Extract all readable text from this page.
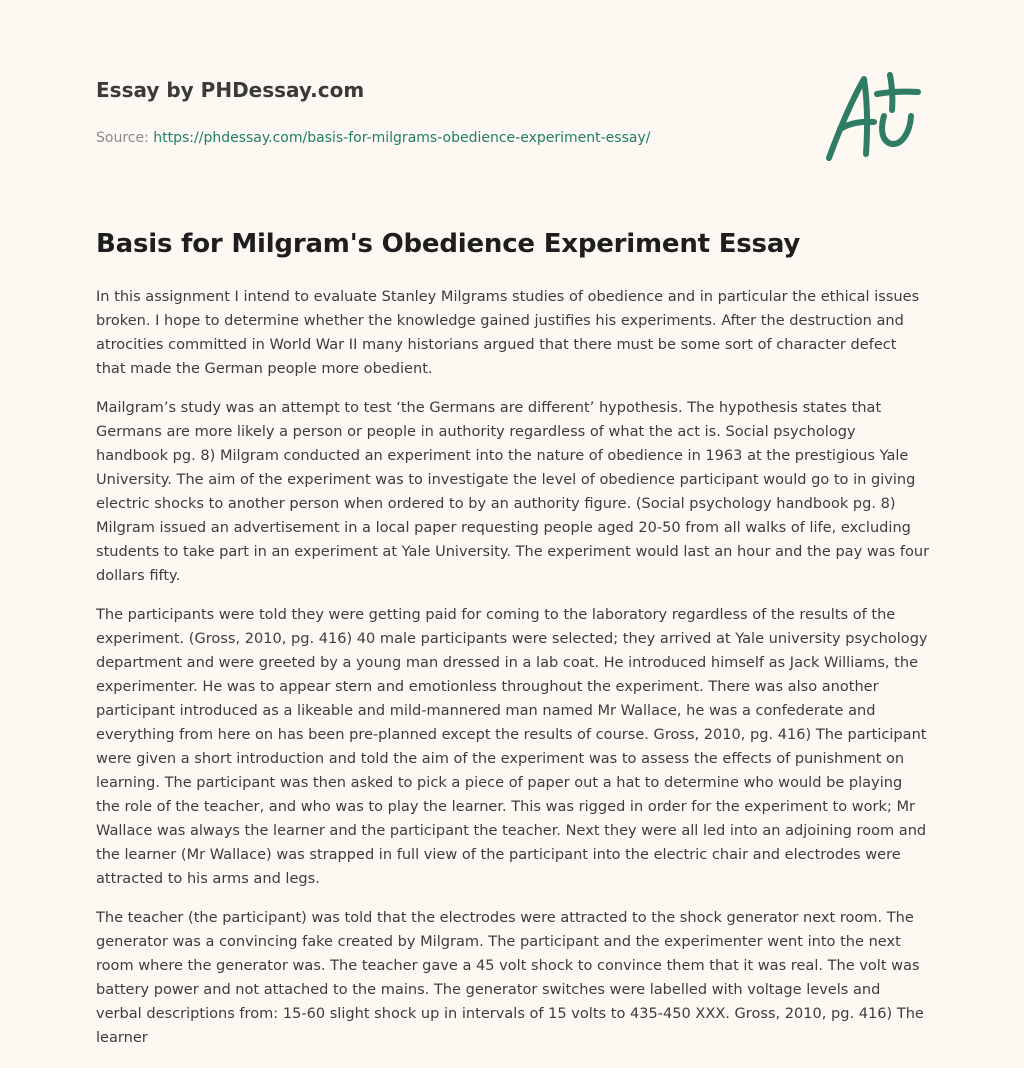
Essay by PHDessay.com
Source: https://phdessay.com/basis-for-milgrams-obedience-experiment-essay/
Basis for Milgram's Obedience Experiment Essay

In this assignment I intend to evaluate Stanley Milgrams studies of obedience and in particular the ethical issues broken. I hope to determine whether the knowledge gained justifies his experiments. After the destruction and atrocities committed in World War II many historians argued that there must be some sort of character defect that made the German people more obedient.

Mailgram’s study was an attempt to test ‘the Germans are different’ hypothesis. The hypothesis states that Germans are more likely a person or people in authority regardless of what the act is. Social psychology handbook pg. 8) Milgram conducted an experiment into the nature of obedience in 1963 at the prestigious Yale University. The aim of the experiment was to investigate the level of obedience participant would go to in giving electric shocks to another person when ordered to by an authority figure. (Social psychology handbook pg. 8) Milgram issued an advertisement in a local paper requesting people aged 20-50 from all walks of life, excluding students to take part in an experiment at Yale University. The experiment would last an hour and the pay was four dollars fifty.

The participants were told they were getting paid for coming to the laboratory regardless of the results of the experiment. (Gross, 2010, pg. 416) 40 male participants were selected; they arrived at Yale university psychology department and were greeted by a young man dressed in a lab coat. He introduced himself as Jack Williams, the experimenter. He was to appear stern and emotionless throughout the experiment. There was also another participant introduced as a likeable and mild-mannered man named Mr Wallace, he was a confederate and everything from here on has been pre-planned except the results of course. Gross, 2010, pg. 416) The participant were given a short introduction and told the aim of the experiment was to assess the effects of punishment on learning. The participant was then asked to pick a piece of paper out a hat to determine who would be playing the role of the teacher, and who was to play the learner. This was rigged in order for the experiment to work; Mr Wallace was always the learner and the participant the teacher. Next they were all led into an adjoining room and the learner (Mr Wallace) was strapped in full view of the participant into the electric chair and electrodes were attracted to his arms and legs.

The teacher (the participant) was told that the electrodes were attracted to the shock generator next room. The generator was a convincing fake created by Milgram. The participant and the experimenter went into the next room where the generator was. The teacher gave a 45 volt shock to convince them that it was real. The volt was battery power and not attached to the mains. The generator switches were labelled with voltage levels and verbal descriptions from: 15-60 slight shock up in intervals of 15 volts to 435-450 XXX. Gross, 2010, pg. 416) The learner
